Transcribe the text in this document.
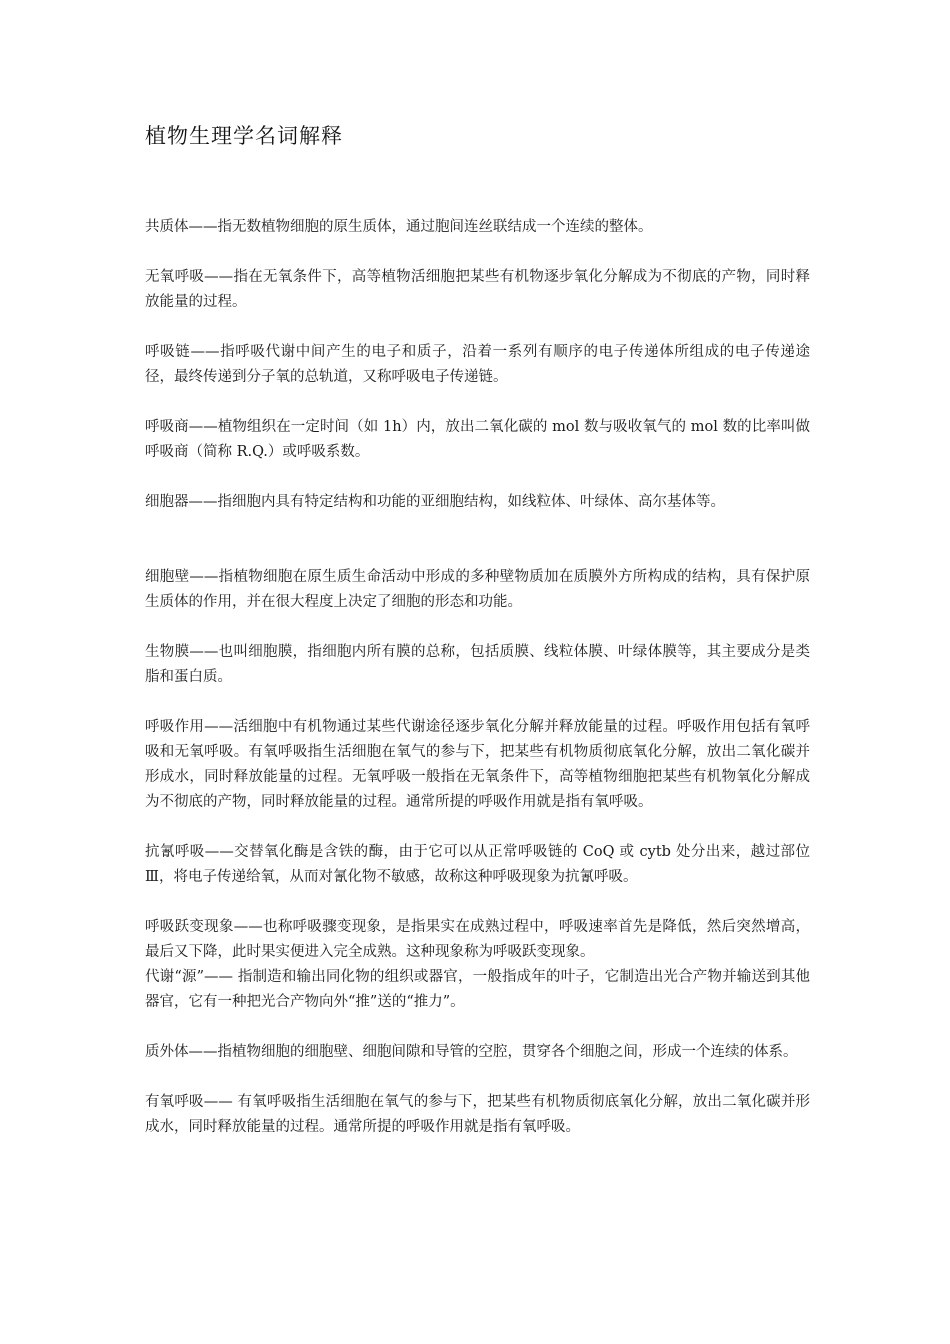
植物生理学名词解释

共质体——指无数植物细胞的原生质体，通过胞间连丝联结成一个连续的整体。

无氧呼吸——指在无氧条件下，高等植物活细胞把某些有机物逐步氧化分解成为不彻底的产物，同时释放能量的过程。

呼吸链——指呼吸代谢中间产生的电子和质子，沿着一系列有顺序的电子传递体所组成的电子传递途径，最终传递到分子氧的总轨道，又称呼吸电子传递链。

呼吸商——植物组织在一定时间（如 1h）内，放出二氧化碳的 mol 数与吸收氧气的 mol 数的比率叫做呼吸商（简称 R.Q.）或呼吸系数。

细胞器——指细胞内具有特定结构和功能的亚细胞结构，如线粒体、叶绿体、高尔基体等。

细胞壁——指植物细胞在原生质生命活动中形成的多种壁物质加在质膜外方所构成的结构，具有保护原生质体的作用，并在很大程度上决定了细胞的形态和功能。

生物膜——也叫细胞膜，指细胞内所有膜的总称，包括质膜、线粒体膜、叶绿体膜等，其主要成分是类脂和蛋白质。

呼吸作用——活细胞中有机物通过某些代谢途径逐步氧化分解并释放能量的过程。呼吸作用包括有氧呼吸和无氧呼吸。有氧呼吸指生活细胞在氧气的参与下，把某些有机物质彻底氧化分解，放出二氧化碳并形成水，同时释放能量的过程。无氧呼吸一般指在无氧条件下，高等植物细胞把某些有机物氧化分解成为不彻底的产物，同时释放能量的过程。通常所提的呼吸作用就是指有氧呼吸。

抗氰呼吸——交替氧化酶是含铁的酶，由于它可以从正常呼吸链的 CoQ 或 cytb 处分出来，越过部位Ⅲ，将电子传递给氧，从而对氰化物不敏感，故称这种呼吸现象为抗氰呼吸。

呼吸跃变现象——也称呼吸骤变现象，是指果实在成熟过程中，呼吸速率首先是降低，然后突然增高，最后又下降，此时果实便进入完全成熟。这种现象称为呼吸跃变现象。

代谢“源”—— 指制造和输出同化物的组织或器官，一般指成年的叶子，它制造出光合产物并输送到其他器官，它有一种把光合产物向外“推”送的“推力”。

质外体——指植物细胞的细胞壁、细胞间隙和导管的空腔，贯穿各个细胞之间，形成一个连续的体系。

有氧呼吸—— 有氧呼吸指生活细胞在氧气的参与下，把某些有机物质彻底氧化分解，放出二氧化碳并形成水，同时释放能量的过程。通常所提的呼吸作用就是指有氧呼吸。
